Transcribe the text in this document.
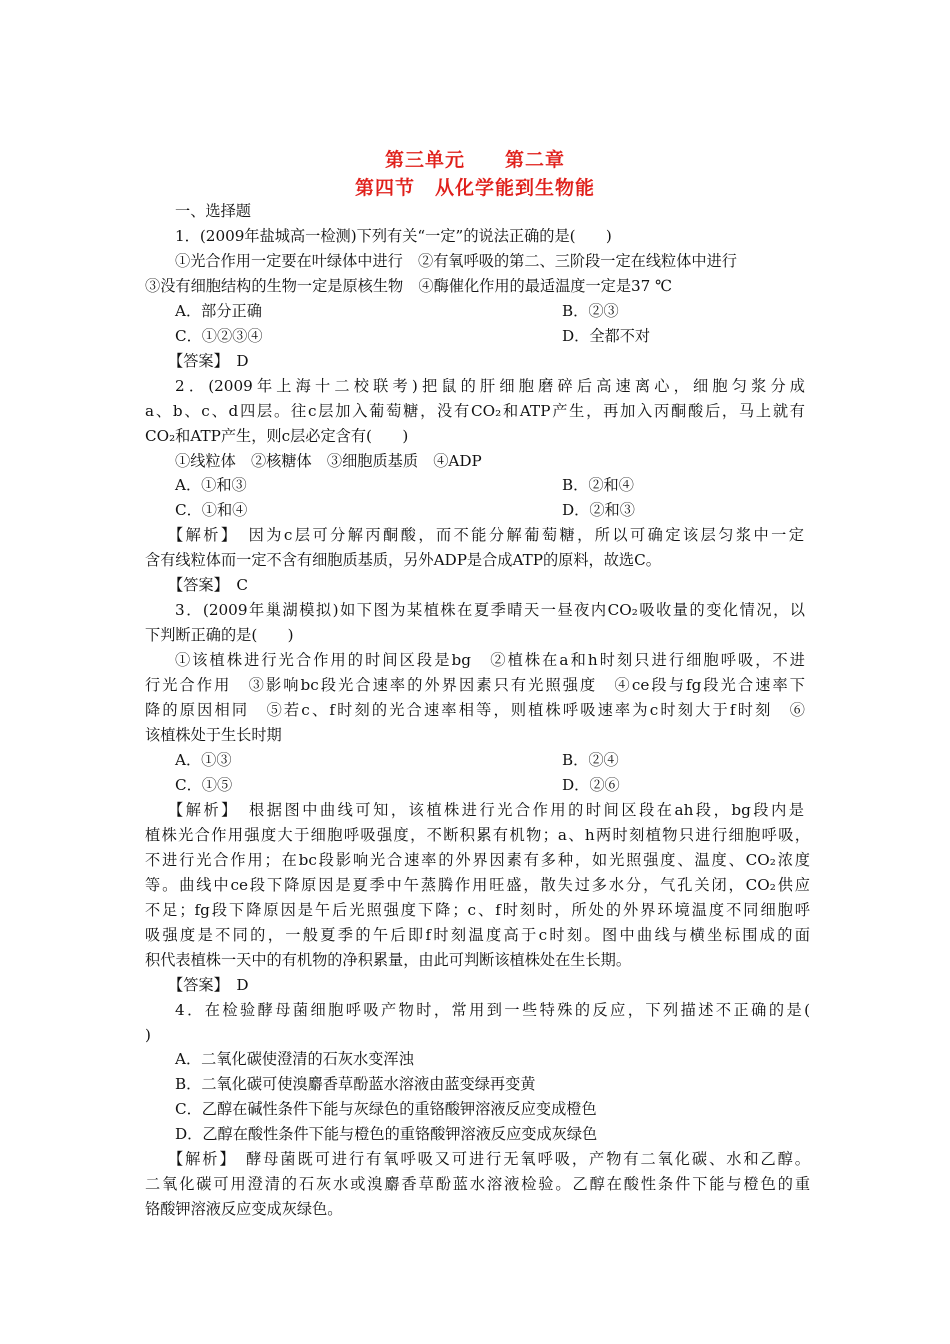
第三单元　　第二章
第四节　从化学能到生物能
一、选择题
1．(2009年盐城高一检测)下列有关“一定”的说法正确的是(　　)
①光合作用一定要在叶绿体中进行　②有氧呼吸的第二、三阶段一定在线粒体中进行
③没有细胞结构的生物一定是原核生物　④酶催化作用的最适温度一定是37 ℃
A．部分正确	B．②③
C．①②③④	D．全都不对
【答案】　D
2．(2009年上海十二校联考)把鼠的肝细胞磨碎后高速离心，细胞匀浆分成
a、b、c、d四层。往c层加入葡萄糖，没有CO₂和ATP产生，再加入丙酮酸后，马上就有
CO₂和ATP产生，则c层必定含有(　　)
①线粒体　②核糖体　③细胞质基质　④ADP
A．①和③	B．②和④
C．①和④	D．②和③
【解析】　因为c层可分解丙酮酸，而不能分解葡萄糖，所以可确定该层匀浆中一定
含有线粒体而一定不含有细胞质基质，另外ADP是合成ATP的原料，故选C。
【答案】　C
3．(2009年巢湖模拟)如下图为某植株在夏季晴天一昼夜内CO₂吸收量的变化情况，以
下判断正确的是(　　)
①该植株进行光合作用的时间区段是bg　②植株在a和h时刻只进行细胞呼吸，不进
行光合作用　③影响bc段光合速率的外界因素只有光照强度　④ce段与fg段光合速率下
降的原因相同　⑤若c、f时刻的光合速率相等，则植株呼吸速率为c时刻大于f时刻　⑥
该植株处于生长时期
A．①③	B．②④
C．①⑤	D．②⑥
【解析】　根据图中曲线可知，该植株进行光合作用的时间区段在ah段，bg段内是
植株光合作用强度大于细胞呼吸强度，不断积累有机物；a、h两时刻植物只进行细胞呼吸，
不进行光合作用；在bc段影响光合速率的外界因素有多种，如光照强度、温度、CO₂浓度
等。曲线中ce段下降原因是夏季中午蒸腾作用旺盛，散失过多水分，气孔关闭，CO₂供应
不足；fg段下降原因是午后光照强度下降；c、f时刻时，所处的外界环境温度不同细胞呼
吸强度是不同的，一般夏季的午后即f时刻温度高于c时刻。图中曲线与横坐标围成的面
积代表植株一天中的有机物的净积累量，由此可判断该植株处在生长期。
【答案】　D
4．在检验酵母菌细胞呼吸产物时，常用到一些特殊的反应，下列描述不正确的是(
)
A．二氧化碳使澄清的石灰水变浑浊
B．二氧化碳可使溴麝香草酚蓝水溶液由蓝变绿再变黄
C．乙醇在碱性条件下能与灰绿色的重铬酸钾溶液反应变成橙色
D．乙醇在酸性条件下能与橙色的重铬酸钾溶液反应变成灰绿色
【解析】　酵母菌既可进行有氧呼吸又可进行无氧呼吸，产物有二氧化碳、水和乙醇。
二氧化碳可用澄清的石灰水或溴麝香草酚蓝水溶液检验。乙醇在酸性条件下能与橙色的重
铬酸钾溶液反应变成灰绿色。
